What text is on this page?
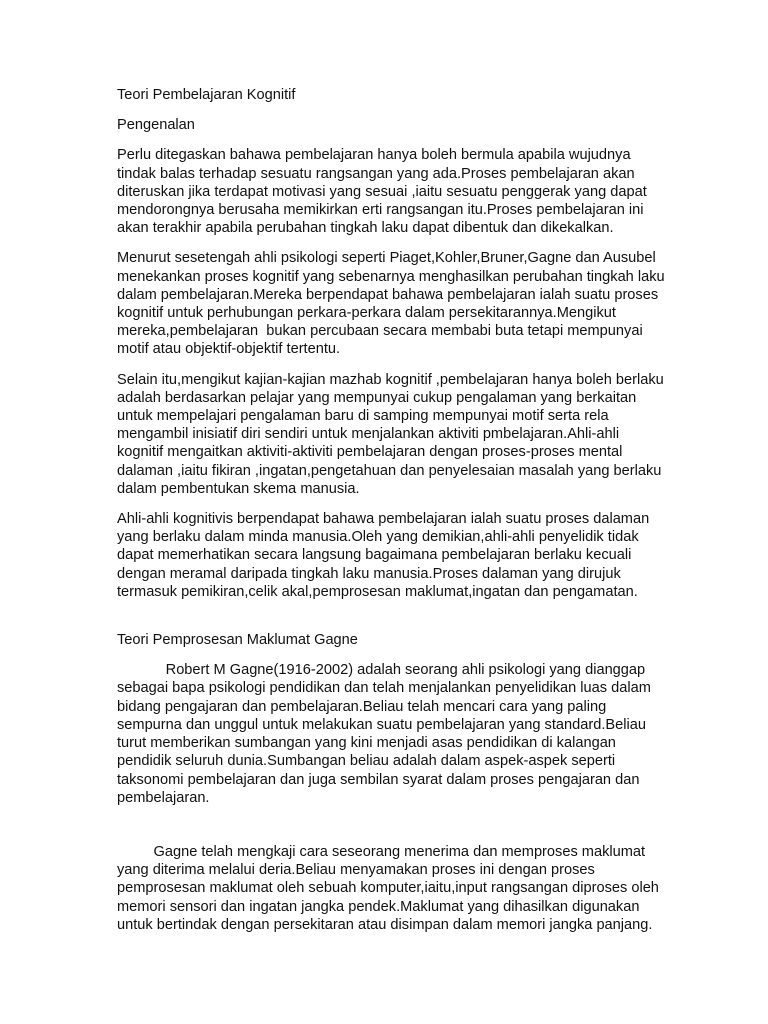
Teori Pembelajaran Kognitif
Pengenalan
Perlu ditegaskan bahawa pembelajaran hanya boleh bermula apabila wujudnya
tindak balas terhadap sesuatu rangsangan yang ada.Proses pembelajaran akan
diteruskan jika terdapat motivasi yang sesuai ,iaitu sesuatu penggerak yang dapat
mendorongnya berusaha memikirkan erti rangsangan itu.Proses pembelajaran ini
akan terakhir apabila perubahan tingkah laku dapat dibentuk dan dikekalkan.
Menurut sesetengah ahli psikologi seperti Piaget,Kohler,Bruner,Gagne dan Ausubel
menekankan proses kognitif yang sebenarnya menghasilkan perubahan tingkah laku
dalam pembelajaran.Mereka berpendapat bahawa pembelajaran ialah suatu proses
kognitif untuk perhubungan perkara-perkara dalam persekitarannya.Mengikut
mereka,pembelajaran  bukan percubaan secara membabi buta tetapi mempunyai
motif atau objektif-objektif tertentu.
Selain itu,mengikut kajian-kajian mazhab kognitif ,pembelajaran hanya boleh berlaku
adalah berdasarkan pelajar yang mempunyai cukup pengalaman yang berkaitan
untuk mempelajari pengalaman baru di samping mempunyai motif serta rela
mengambil inisiatif diri sendiri untuk menjalankan aktiviti pmbelajaran.Ahli-ahli
kognitif mengaitkan aktiviti-aktiviti pembelajaran dengan proses-proses mental
dalaman ,iaitu fikiran ,ingatan,pengetahuan dan penyelesaian masalah yang berlaku
dalam pembentukan skema manusia.
Ahli-ahli kognitivis berpendapat bahawa pembelajaran ialah suatu proses dalaman
yang berlaku dalam minda manusia.Oleh yang demikian,ahli-ahli penyelidik tidak
dapat memerhatikan secara langsung bagaimana pembelajaran berlaku kecuali
dengan meramal daripada tingkah laku manusia.Proses dalaman yang dirujuk
termasuk pemikiran,celik akal,pemprosesan maklumat,ingatan dan pengamatan.
Teori Pemprosesan Maklumat Gagne
Robert M Gagne(1916-2002) adalah seorang ahli psikologi yang dianggap
sebagai bapa psikologi pendidikan dan telah menjalankan penyelidikan luas dalam
bidang pengajaran dan pembelajaran.Beliau telah mencari cara yang paling
sempurna dan unggul untuk melakukan suatu pembelajaran yang standard.Beliau
turut memberikan sumbangan yang kini menjadi asas pendidikan di kalangan
pendidik seluruh dunia.Sumbangan beliau adalah dalam aspek-aspek seperti
taksonomi pembelajaran dan juga sembilan syarat dalam proses pengajaran dan
pembelajaran.
Gagne telah mengkaji cara seseorang menerima dan memproses maklumat
yang diterima melalui deria.Beliau menyamakan proses ini dengan proses
pemprosesan maklumat oleh sebuah komputer,iaitu,input rangsangan diproses oleh
memori sensori dan ingatan jangka pendek.Maklumat yang dihasilkan digunakan
untuk bertindak dengan persekitaran atau disimpan dalam memori jangka panjang.
